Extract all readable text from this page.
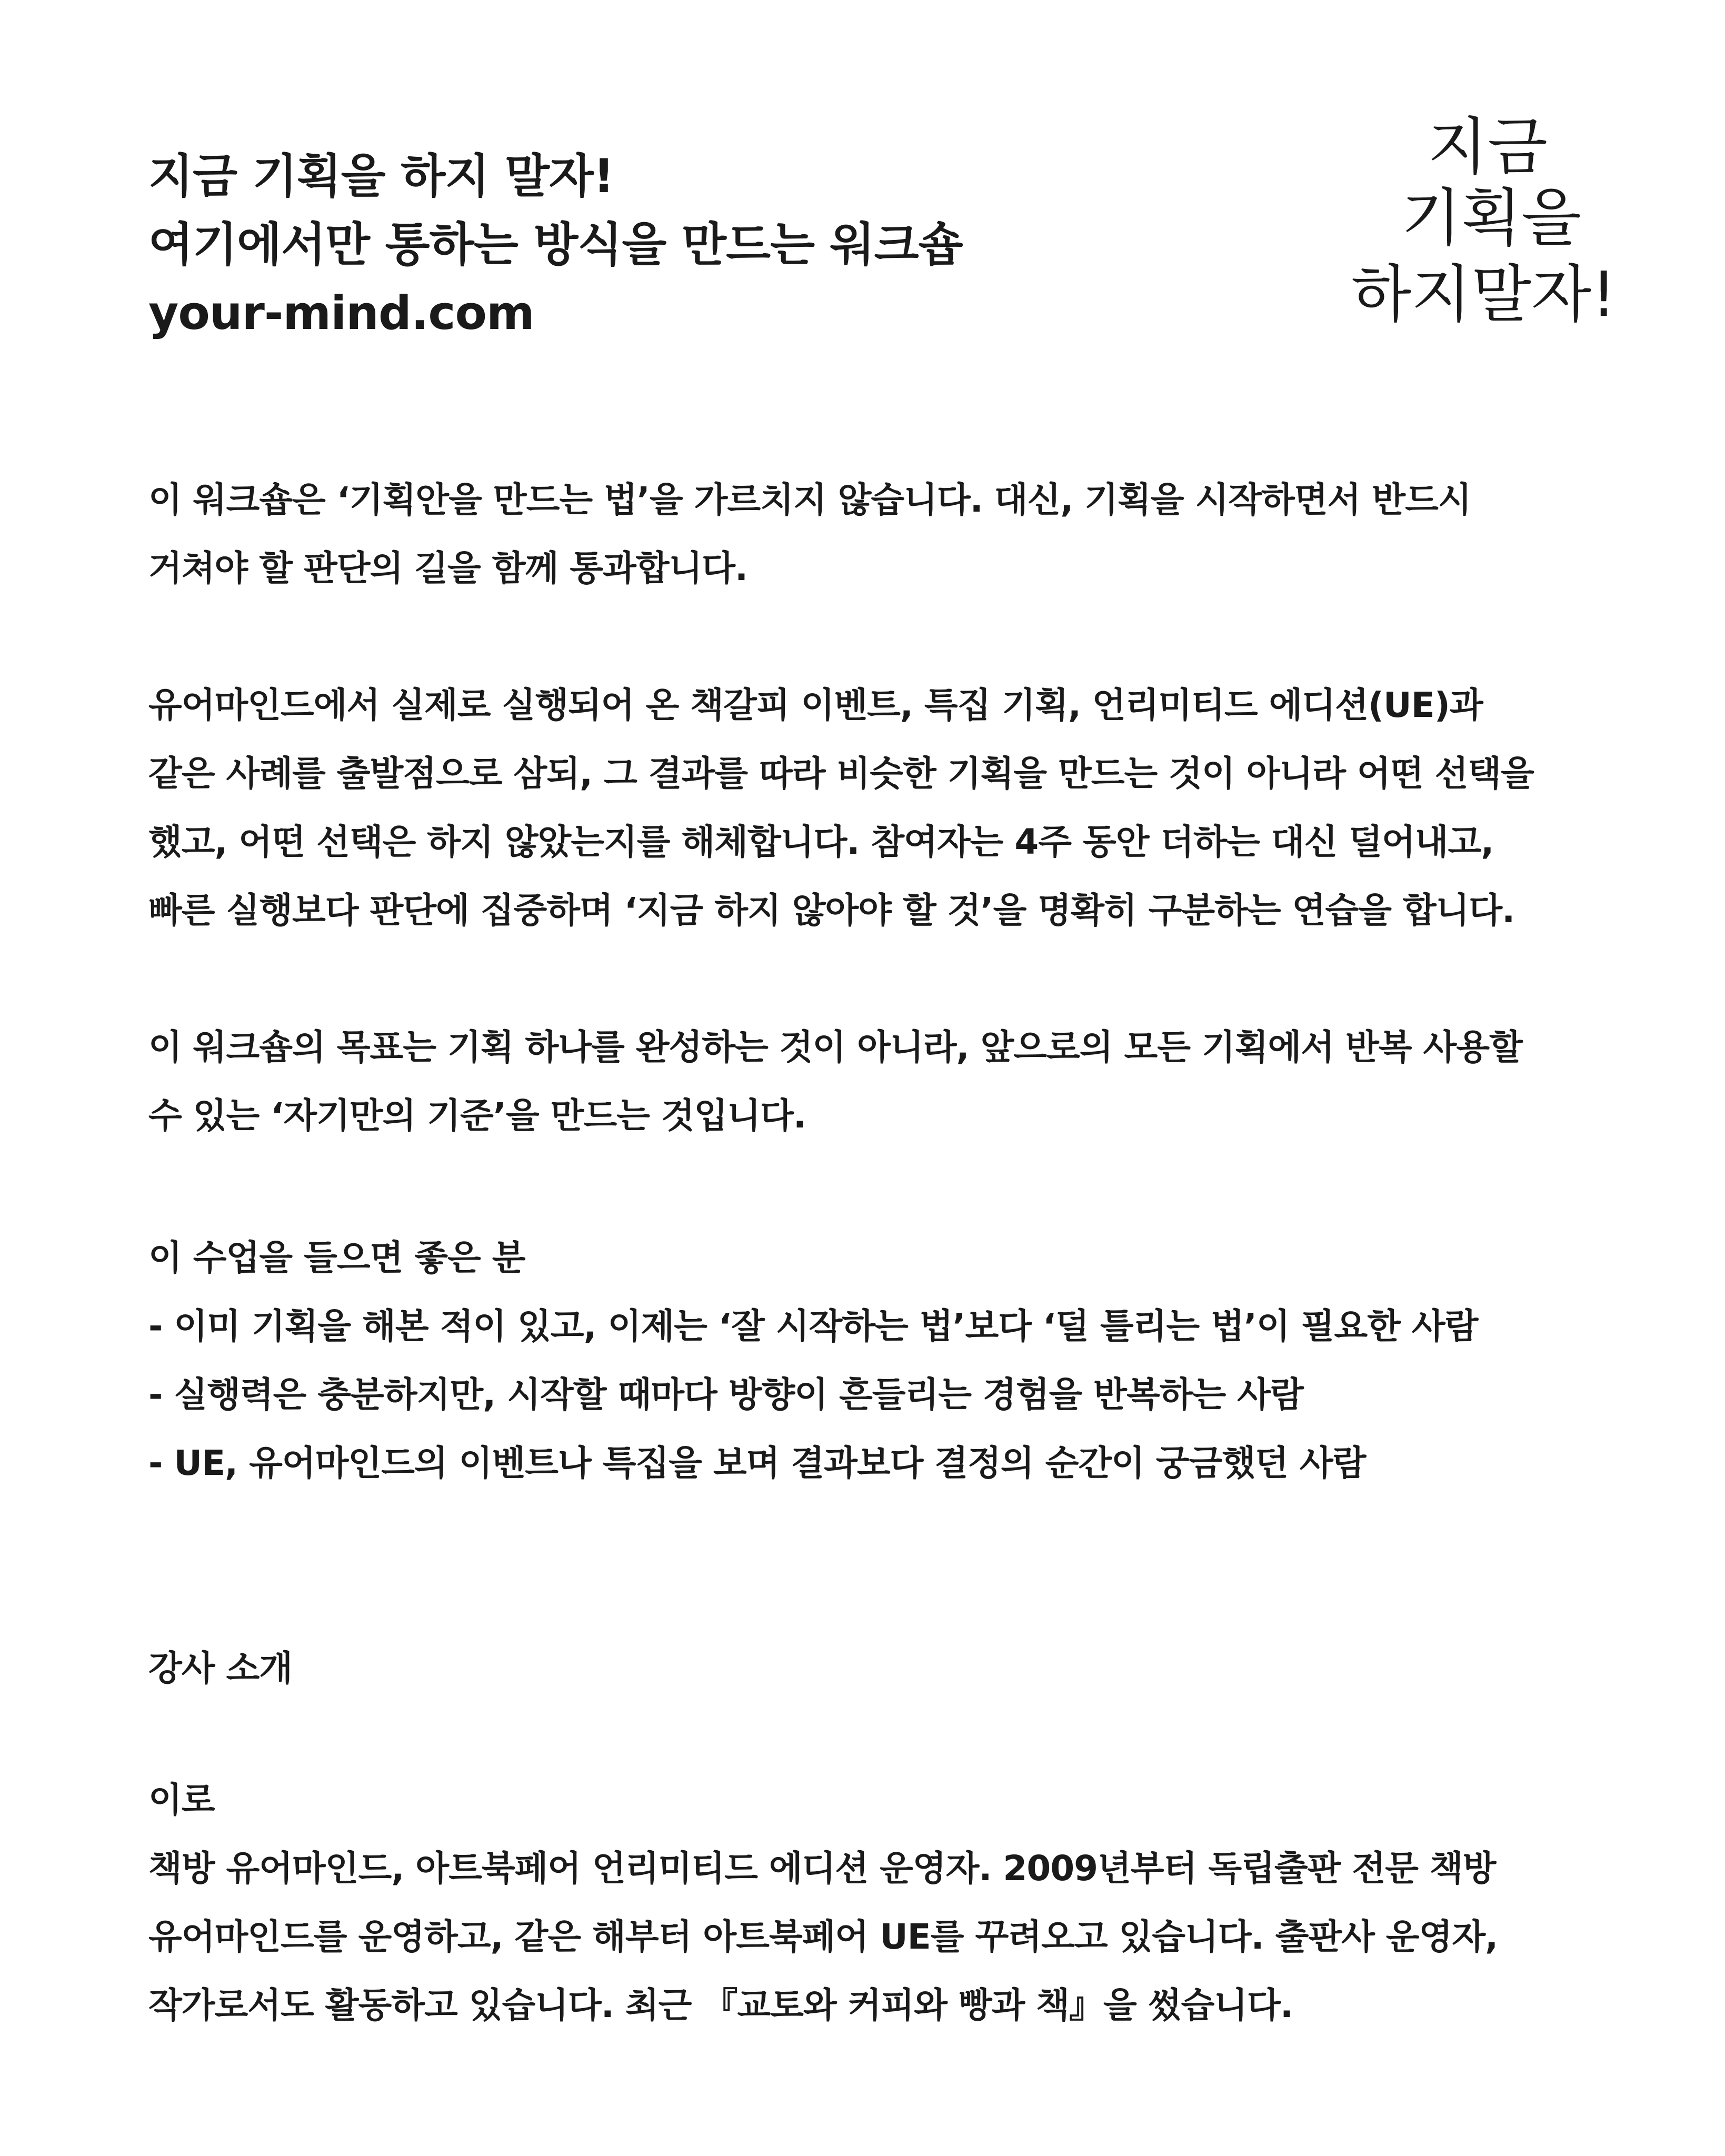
지금 기획을 하지 말자!

여기에서만 통하는 방식을 만드는 워크숍

your-mind.com

지금
기획을
하지말자!
이 워크숍은 ‘기획안을 만드는 법’을 가르치지 않습니다. 대신, 기획을 시작하면서 반드시
거쳐야 할 판단의 길을 함께 통과합니다.
유어마인드에서 실제로 실행되어 온 책갈피 이벤트, 특집 기획, 언리미티드 에디션(UE)과
같은 사례를 출발점으로 삼되, 그 결과를 따라 비슷한 기획을 만드는 것이 아니라 어떤 선택을
했고, 어떤 선택은 하지 않았는지를 해체합니다. 참여자는 4주 동안 더하는 대신 덜어내고,
빠른 실행보다 판단에 집중하며 ‘지금 하지 않아야 할 것’을 명확히 구분하는 연습을 합니다.
이 워크숍의 목표는 기획 하나를 완성하는 것이 아니라, 앞으로의 모든 기획에서 반복 사용할
수 있는 ‘자기만의 기준’을 만드는 것입니다.
이 수업을 들으면 좋은 분
- 이미 기획을 해본 적이 있고, 이제는 ‘잘 시작하는 법’보다 ‘덜 틀리는 법’이 필요한 사람
- 실행력은 충분하지만, 시작할 때마다 방향이 흔들리는 경험을 반복하는 사람
- UE, 유어마인드의 이벤트나 특집을 보며 결과보다 결정의 순간이 궁금했던 사람
강사 소개
이로
책방 유어마인드, 아트북페어 언리미티드 에디션 운영자. 2009년부터 독립출판 전문 책방
유어마인드를 운영하고, 같은 해부터 아트북페어 UE를 꾸려오고 있습니다. 출판사 운영자,
작가로서도 활동하고 있습니다. 최근 『교토와 커피와 빵과 책』을 썼습니다.
